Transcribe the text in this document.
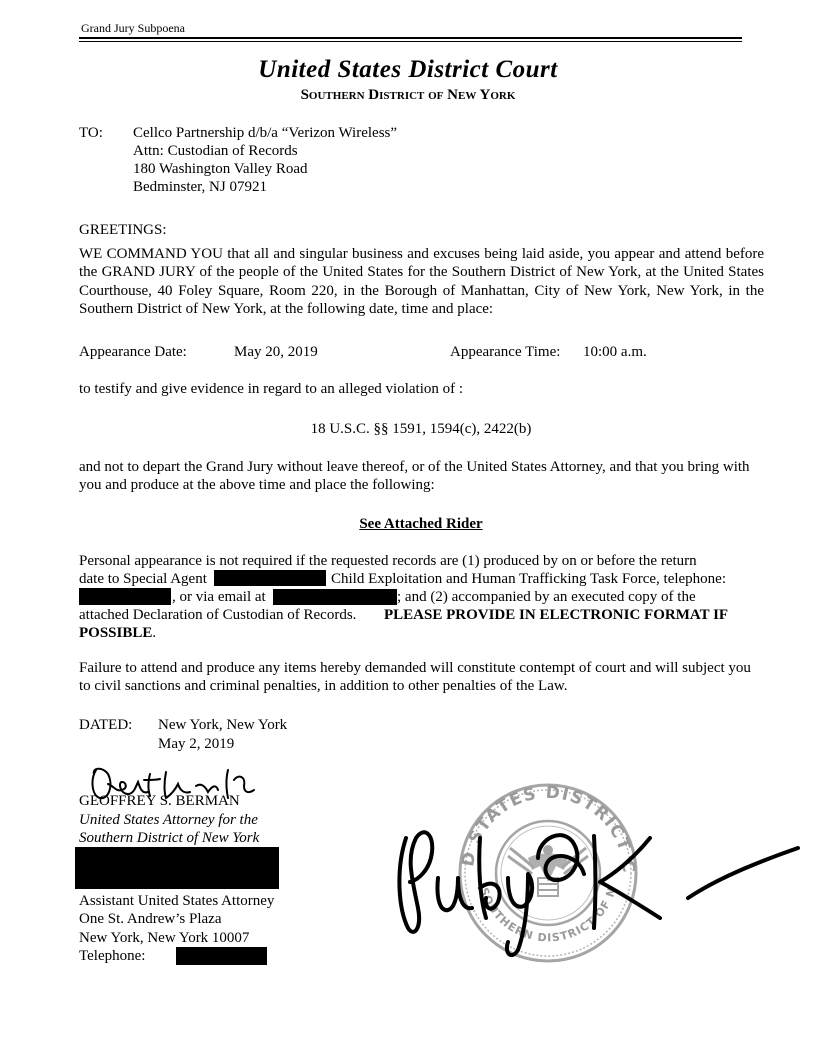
Grand Jury Subpoena
United States District Court
Southern District of New York
TO: Cellco Partnership d/b/a “Verizon Wireless”
Attn: Custodian of Records
180 Washington Valley Road
Bedminster, NJ 07921
GREETINGS:
WE COMMAND YOU that all and singular business and excuses being laid aside, you appear and attend before the GRAND JURY of the people of the United States for the Southern District of New York, at the United States Courthouse, 40 Foley Square, Room 220, in the Borough of Manhattan, City of New York, New York, in the Southern District of New York, at the following date, time and place:
Appearance Date:	May 20, 2019	Appearance Time: 10:00 a.m.
to testify and give evidence in regard to an alleged violation of :
18 U.S.C. §§ 1591, 1594(c), 2422(b)
and not to depart the Grand Jury without leave thereof, or of the United States Attorney, and that you bring with you and produce at the above time and place the following:
See Attached Rider
Personal appearance is not required if the requested records are (1) produced by on or before the return
date to Special Agent	Child Exploitation and Human Trafficking Task Force, telephone:
, or via email at	; and (2) accompanied by an executed copy of the
attached Declaration of Custodian of Records. PLEASE PROVIDE IN ELECTRONIC FORMAT IF
POSSIBLE.
Failure to attend and produce any items hereby demanded will constitute contempt of court and will subject you to civil sanctions and criminal penalties, in addition to other penalties of the Law.
DATED: New York, New York
May 2, 2019
GEOFFREY S. BERMAN
United States Attorney for the
Southern District of New York
Assistant United States Attorney
One St. Andrew’s Plaza
New York, New York 10007
Telephone:
D STATES DISTRICT C
SOUTHERN DISTRICT OF N
